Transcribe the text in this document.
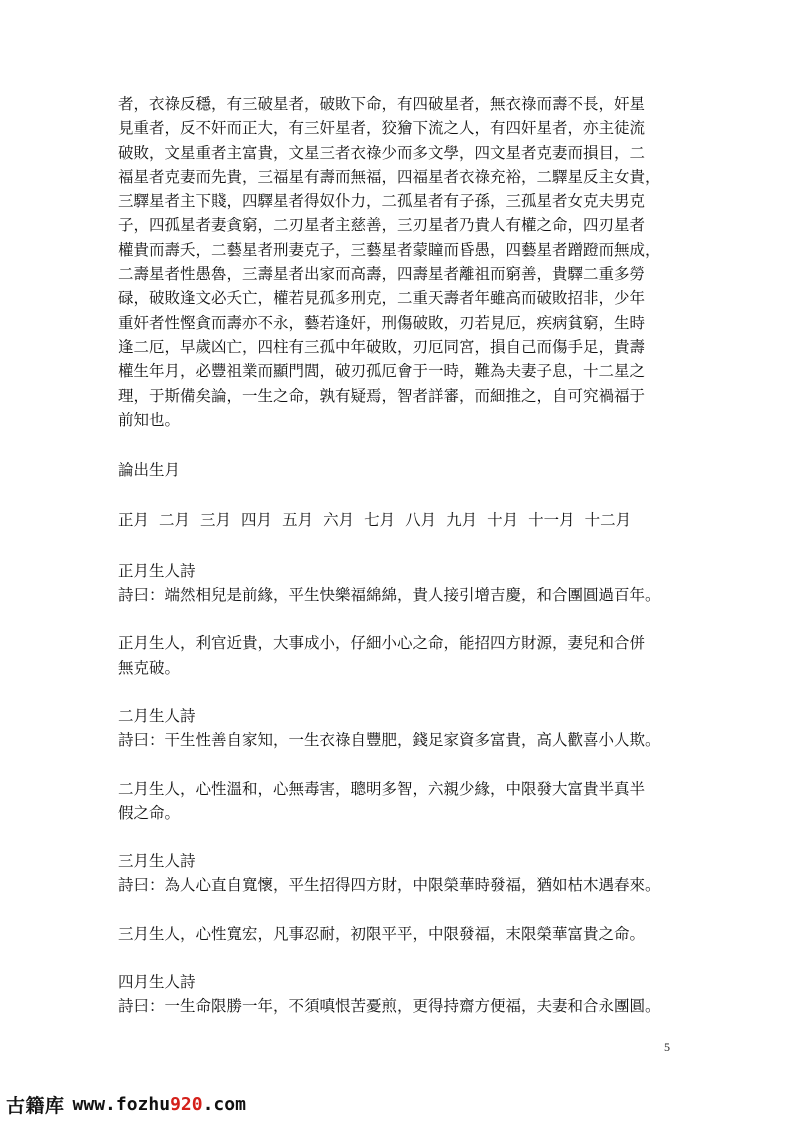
者，衣祿反穩，有三破星者，破敗下命，有四破星者，無衣祿而壽不長，奸星

見重者，反不奸而正大，有三奸星者，狡獪下流之人，有四奸星者，亦主徒流

破敗，文星重者主富貴，文星三者衣祿少而多文學，四文星者克妻而損目，二

福星者克妻而先貴，三福星有壽而無福，四福星者衣祿充裕，二驛星反主女貴，

三驛星者主下賤，四驛星者得奴仆力，二孤星者有子孫，三孤星者女克夫男克

子，四孤星者妻貪窮，二刃星者主慈善，三刃星者乃貴人有權之命，四刃星者

權貴而壽夭，二藝星者刑妻克子，三藝星者蒙瞳而昏愚，四藝星者蹭蹬而無成，

二壽星者性愚魯，三壽星者出家而高壽，四壽星者離祖而窮善，貴驛二重多勞

碌，破敗逢文必夭亡，權若見孤多刑克，二重天壽者年雖高而破敗招非，少年

重奸者性慳貪而壽亦不永，藝若逢奸，刑傷破敗，刃若見厄，疾病貧窮，生時

逢二厄，早歲凶亡，四柱有三孤中年破敗，刃厄同宮，損自己而傷手足，貴壽

權生年月，必豐祖業而顯門閭，破刃孤厄會于一時，難為夫妻子息，十二星之

理，于斯備矣論，一生之命，孰有疑焉，智者詳審，而細推之，自可究禍福于

前知也。

論出生月

正月 二月 三月 四月 五月 六月 七月 八月 九月 十月 十一月 十二月

正月生人詩

詩曰：端然相兒是前緣，平生快樂福綿綿，貴人接引增吉慶，和合團圓過百年。

正月生人，利官近貴，大事成小，仔細小心之命，能招四方財源，妻兒和合併

無克破。

二月生人詩

詩曰：干生性善自家知，一生衣祿自豐肥，錢足家資多富貴，高人歡喜小人欺。

二月生人，心性溫和，心無毒害，聰明多智，六親少緣，中限發大富貴半真半

假之命。

三月生人詩

詩曰：為人心直自寬懷，平生招得四方財，中限榮華時發福，猶如枯木遇春來。

三月生人，心性寬宏，凡事忍耐，初限平平，中限發福，末限榮華富貴之命。

四月生人詩

詩曰：一生命限勝一年，不須嗔恨苦憂煎，更得持齋方便福，夫妻和合永團圓。

5
古籍库 www.fozhu920.com
